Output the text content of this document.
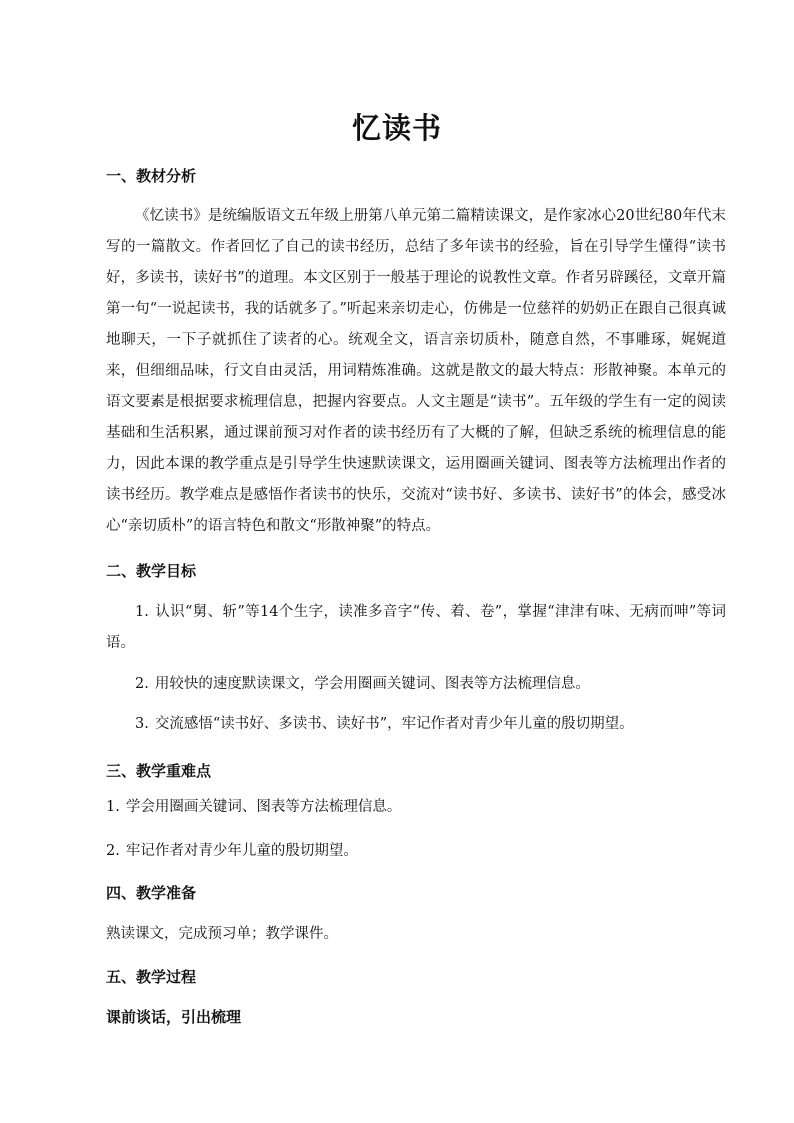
忆读书
一、教材分析

《忆读书》是统编版语文五年级上册第八单元第二篇精读课文，是作家冰心20世纪80年代末写的一篇散文。作者回忆了自己的读书经历，总结了多年读书的经验，旨在引导学生懂得“读书好，多读书，读好书”的道理。本文区别于一般基于理论的说教性文章。作者另辟蹊径，文章开篇第一句“一说起读书，我的话就多了。”听起来亲切走心，仿佛是一位慈祥的奶奶正在跟自己很真诚地聊天，一下子就抓住了读者的心。统观全文，语言亲切质朴，随意自然，不事雕琢，娓娓道来，但细细品味，行文自由灵活，用词精炼准确。这就是散文的最大特点：形散神聚。本单元的语文要素是根据要求梳理信息，把握内容要点。人文主题是“读书”。五年级的学生有一定的阅读基础和生活积累，通过课前预习对作者的读书经历有了大概的了解，但缺乏系统的梳理信息的能力，因此本课的教学重点是引导学生快速默读课文，运用圈画关键词、图表等方法梳理出作者的读书经历。教学难点是感悟作者读书的快乐，交流对“读书好、多读书、读好书”的体会，感受冰心“亲切质朴”的语言特色和散文“形散神聚”的特点。

二、教学目标

1. 认识“舅、斩”等14个生字，读准多音字“传、着、卷”，掌握“津津有味、无病而呻”等词语。

2. 用较快的速度默读课文，学会用圈画关键词、图表等方法梳理信息。

3. 交流感悟“读书好、多读书、读好书”，牢记作者对青少年儿童的殷切期望。

三、教学重难点

1. 学会用圈画关键词、图表等方法梳理信息。

2. 牢记作者对青少年儿童的殷切期望。

四、教学准备

熟读课文，完成预习单；教学课件。

五、教学过程
课前谈话，引出梳理
